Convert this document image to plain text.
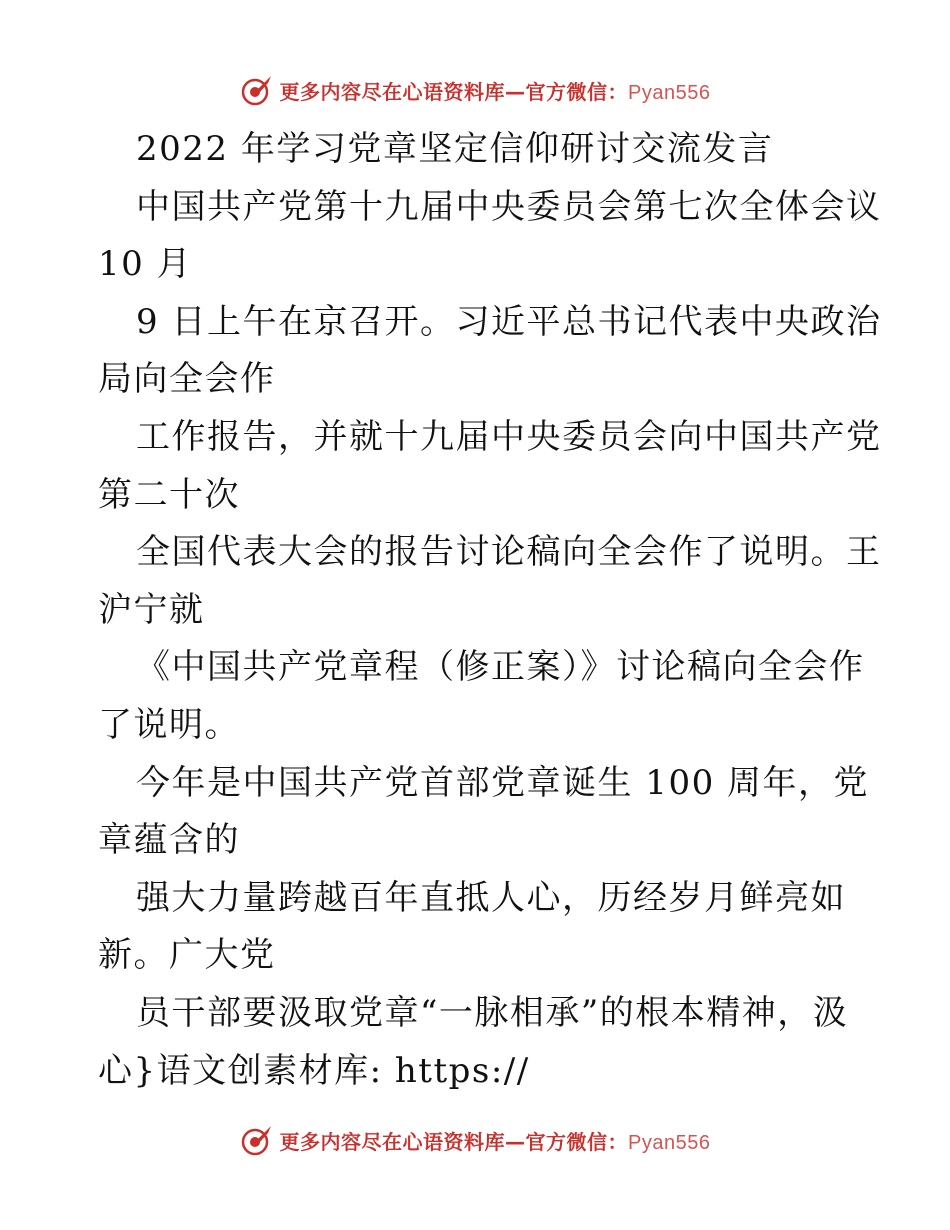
更多内容尽在心语资料库—官方微信：Pyan556
2022 年学习党章坚定信仰研讨交流发言
中国共产党第十九届中央委员会第七次全体会议
10 月
9 日上午在京召开。习近平总书记代表中央政治
局向全会作
工作报告，并就十九届中央委员会向中国共产党
第二十次
全国代表大会的报告讨论稿向全会作了说明。王
沪宁就
《中国共产党章程（修正案）》讨论稿向全会作
了说明。
今年是中国共产党首部党章诞生 100 周年，党
章蕴含的
强大力量跨越百年直抵人心，历经岁月鲜亮如
新。广大党
员干部要汲取党章“一脉相承”的根本精神，汲
心}语文创素材库: https://
更多内容尽在心语资料库—官方微信：Pyan556
